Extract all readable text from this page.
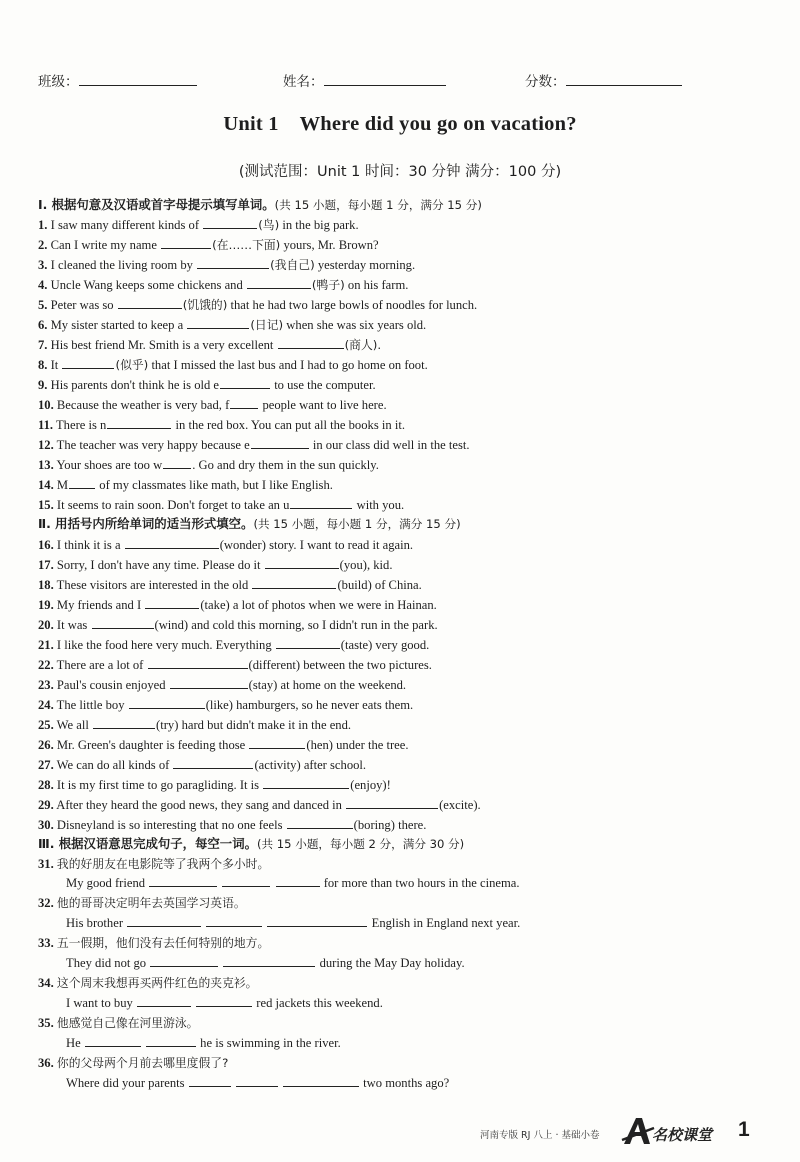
班级：	姓名：	分数：
Unit 1    Where did you go on vacation?
(测试范围：Unit 1 时间：30 分钟 满分：100 分)
Ⅰ. 根据句意及汉语或首字母提示填写单词。(共 15 小题，每小题 1 分，满分 15 分)
1. I saw many different kinds of	(鸟) in the big park.
2. Can I write my name	(在……下面) yours, Mr. Brown?
3. I cleaned the living room by	(我自己) yesterday morning.
4. Uncle Wang keeps some chickens and	(鸭子) on his farm.
5. Peter was so	(饥饿的) that he had two large bowls of noodles for lunch.
6. My sister started to keep a	(日记) when she was six years old.
7. His best friend Mr. Smith is a very excellent	(商人).
8. It	(似乎) that I missed the last bus and I had to go home on foot.
9. His parents don't think he is old e	to use the computer.
10. Because the weather is very bad, f	people want to live here.
11. There is n	in the red box. You can put all the books in it.
12. The teacher was very happy because e	in our class did well in the test.
13. Your shoes are too w . Go and dry them in the sun quickly.
14. M of my classmates like math, but I like English.
15. It seems to rain soon. Don't forget to take an u	with you.
Ⅱ. 用括号内所给单词的适当形式填空。(共 15 小题，每小题 1 分，满分 15 分)
16. I think it is a	(wonder) story. I want to read it again.
17. Sorry, I don't have any time. Please do it	(you), kid.
18. These visitors are interested in the old	(build) of China.
19. My friends and I	(take) a lot of photos when we were in Hainan.
20. It was	(wind) and cold this morning, so I didn't run in the park.
21. I like the food here very much. Everything	(taste) very good.
22. There are a lot of	(different) between the two pictures.
23. Paul's cousin enjoyed	(stay) at home on the weekend.
24. The little boy	(like) hamburgers, so he never eats them.
25. We all	(try) hard but didn't make it in the end.
26. Mr. Green's daughter is feeding those	(hen) under the tree.
27. We can do all kinds of	(activity) after school.
28. It is my first time to go paragliding. It is	(enjoy)!
29. After they heard the good news, they sang and danced in	(excite).
30. Disneyland is so interesting that no one feels	(boring) there.
Ⅲ. 根据汉语意思完成句子，每空一词。(共 15 小题，每小题 2 分，满分 30 分)
31. 我的好朋友在电影院等了我两个多小时。
My good friend	for more than two hours in the cinema.
32. 他的哥哥决定明年去英国学习英语。
His brother	English in England next year.
33. 五一假期，他们没有去任何特别的地方。
They did not go	during the May Day holiday.
34. 这个周末我想再买两件红色的夹克衫。
I want to buy	red jackets this weekend.
35. 他感觉自己像在河里游泳。
He	he is swimming in the river.
36. 你的父母两个月前去哪里度假了?
Where did your parents	two months ago?
河南专版 RJ 八上 · 基础小卷	名校课堂 1
